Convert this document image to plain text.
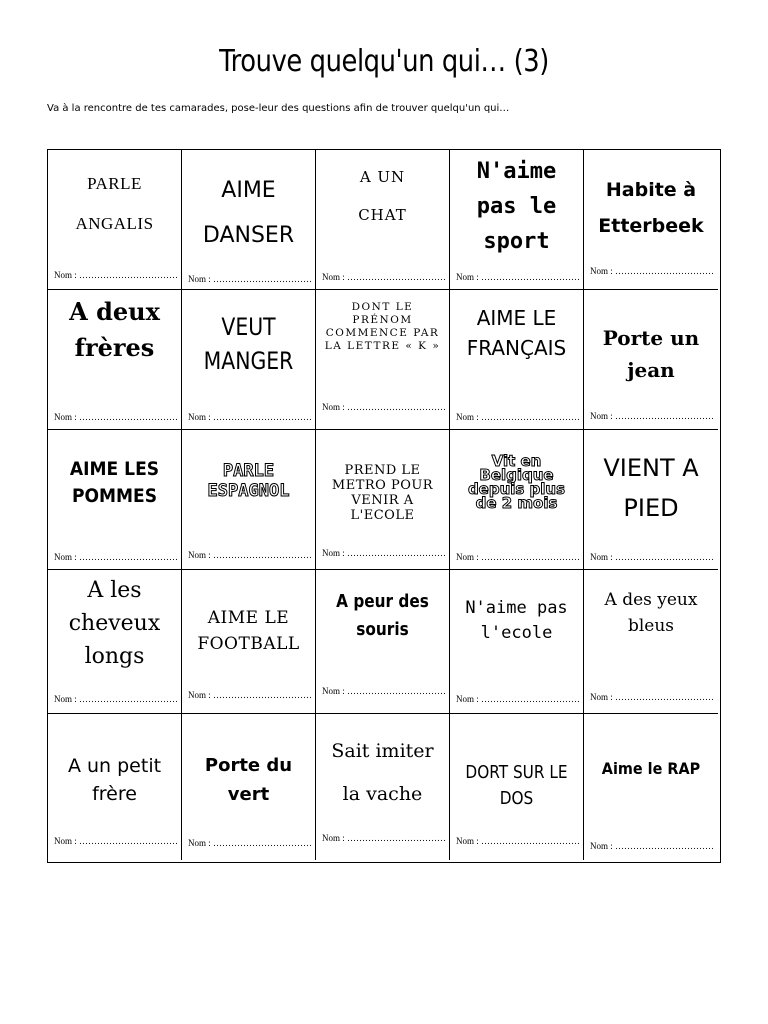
Trouve quelqu'un qui… (3)
Va à la rencontre de tes camarades, pose-leur des questions afin de trouver quelqu'un qui…
PARLE
ANGALIS
Nom : ……………………………
AIME
DANSER
Nom : ……………………………
A UN
CHAT
Nom : ……………………………
N'aime
pas le
sport
Nom : ……………………………
Habite à
Etterbeek
Nom : ……………………………
A deux
frères
Nom : ……………………………
VEUT
MANGER
Nom : ……………………………
DONT LE
PRÉNOM
COMMENCE PAR
LA LETTRE « K »
Nom : ……………………………
AIME LE
FRANÇAIS
Nom : ……………………………
Porte un
jean
Nom : ……………………………
AIME LES
POMMES
Nom : ……………………………
PARLE
ESPAGNOL
Nom : ……………………………
PREND LE
METRO POUR
VENIR A
L'ECOLE
Nom : ……………………………
Vit en
Belgique
depuis plus
de 2 mois
Nom : ……………………………
VIENT A
PIED
Nom : ……………………………
A les
cheveux
longs
Nom : ……………………………
AIME LE
FOOTBALL
Nom : ……………………………
A peur des
souris
Nom : ……………………………
N'aime pas
l'ecole
Nom : ……………………………
A des yeux
bleus
Nom : ……………………………
A un petit
frère
Nom : ……………………………
Porte du
vert
Nom : ……………………………
Sait imiter
la vache
Nom : ……………………………
DORT SUR LE
DOS
Nom : ……………………………
Aime le RAP
Nom : ……………………………
